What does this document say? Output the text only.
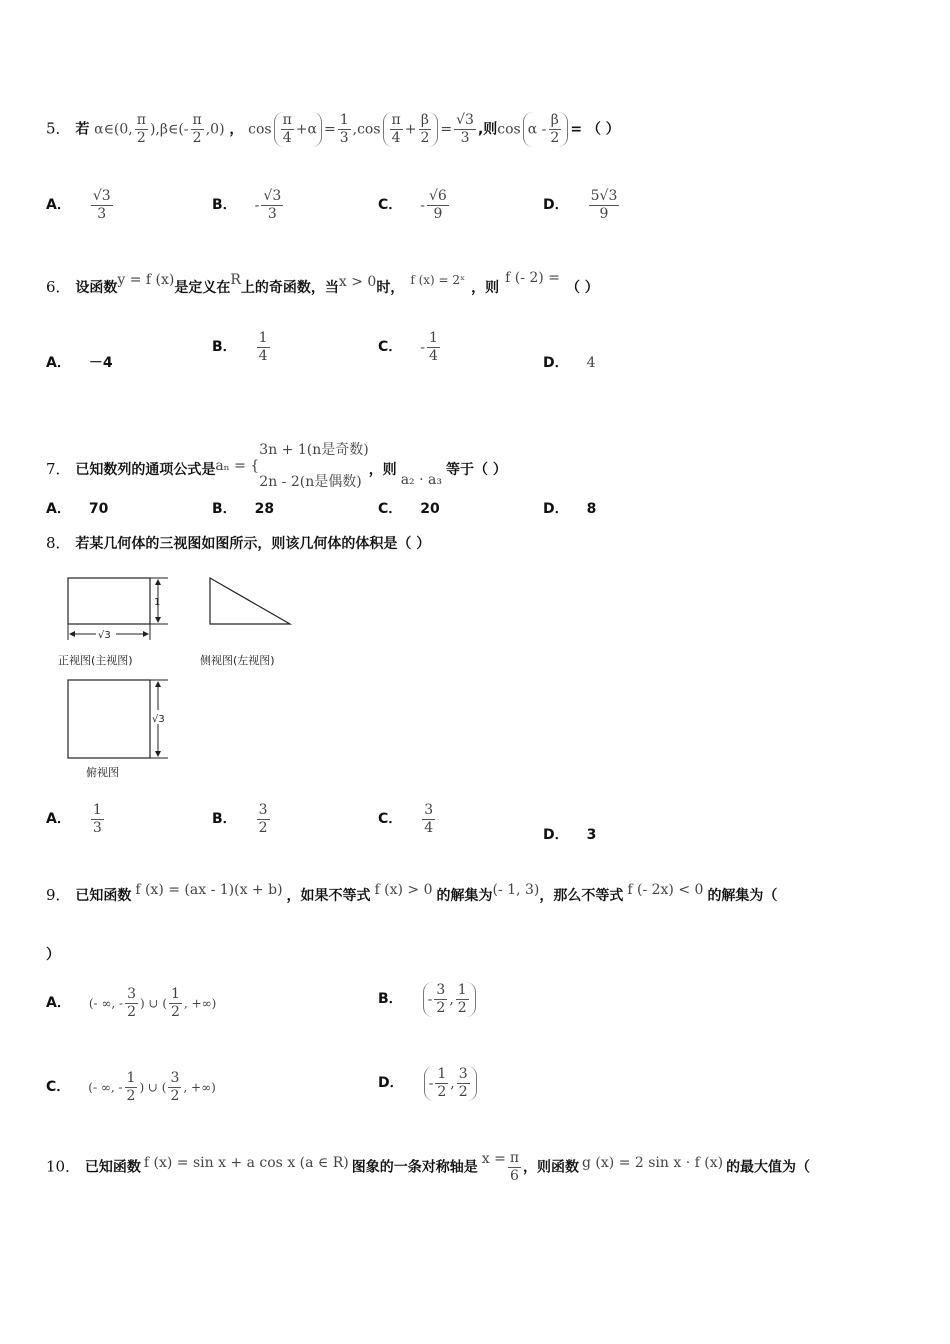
5． 若 α∈(0, $\frac{\pi}{2}$ ),β∈(- $\frac{\pi}{2} ,0$) ， $\cos \frac{\pi}{4} +\alpha = \frac{1}{3} ,\cos \frac{\pi}{4} + \frac{\beta}{2} = \frac{√3}{3}$ ,则cos α - $\frac{\beta}{2}$ = （ ）
A． $\frac{√3}{3}$	B． - $\frac{√3}{3}$	C． - $\frac{√6}{9}$	D． $\frac{5√3}{9}$
6． 设函数y = f (x)是定义在R上的奇函数，当x > 0时， $^{f (x) = 2ˣ}$ ，则f (- 2) =（ ）
A． －4
B． $\frac{1}{4}$	C． - $\frac{1}{4}$	D． 4
7． 已知数列的通项公式是aₙ = {
3n + 1(n是奇数)
2n - 2(n是偶数)
，则a₂ · a₃等于（ ）
A． 70	B． 28	C． 20	D． 8
8． 若某几何体的三视图如图所示，则该几何体的体积是（ ）
1
√3
正视图(主视图)	侧视图(左视图)
√3
俯视图
A． $\frac{1}{3}$	B． $\frac{3}{2}$	C． $\frac{3}{4}$	D． 3
9． 已知函数 f (x) = (ax - 1)(x + b) ，如果不等式 f (x) > 0 的解集为(- 1, 3)，那么不等式 f (- 2x) < 0 的解集为（
）
A． (- ∞, - $\frac{3}{2}$ ) ∪ ( $\frac{1}{2}$ , +∞)	B． - $\frac{3}{2}$ , $\frac{1}{2}$
C． (- ∞, - $\frac{1}{2}$ ) ∪ ( $\frac{3}{2}$ , +∞)	D． - $\frac{1}{2}$ , $\frac{3}{2}$
10． 已知函数 f (x) = sin x + a cos x (a ∈ R) 图象的一条对称轴是 $x = \frac{\pi}{6}$ ，则函数 g (x) = 2 sin x · f (x) 的最大值为（
